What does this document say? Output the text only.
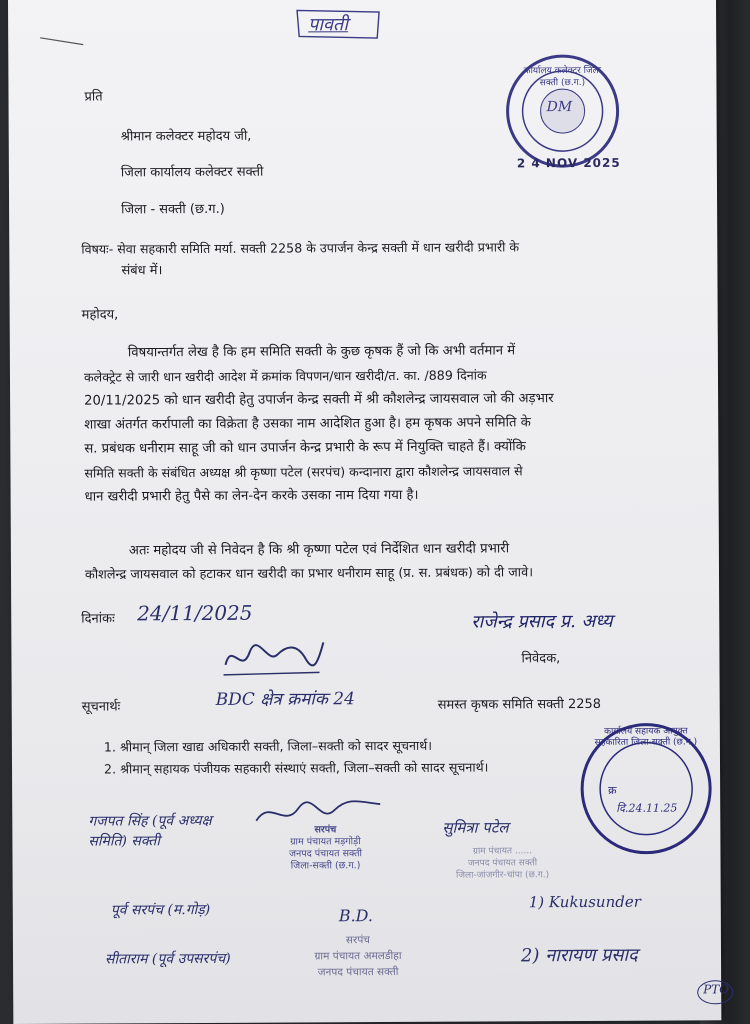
पावती
प्रति
श्रीमान कलेक्टर महोदय जी,
जिला कार्यालय कलेक्टर सक्ती
जिला - सक्ती (छ.ग.)
कार्यालय कलेक्टर जिला सक्ती (छ.ग.)
DM
2 4 NOV 2025
विषयः- सेवा सहकारी समिति मर्या. सक्ती 2258 के उपार्जन केन्द्र सक्ती में धान खरीदी प्रभारी के
संबंध में।
महोदय,
विषयान्तर्गत लेख है कि हम समिति सक्ती के कुछ कृषक हैं जो कि अभी वर्तमान में
कलेक्ट्रेट से जारी धान खरीदी आदेश में क्रमांक विपणन/धान खरीदी/त. का. /889 दिनांक
20/11/2025 को धान खरीदी हेतु उपार्जन केन्द्र सक्ती में श्री कौशलेन्द्र जायसवाल जो की अड़भार
शाखा अंतर्गत कर्रापाली का विक्रेता है उसका नाम आदेशित हुआ है। हम कृषक अपने समिति के
स. प्रबंधक धनीराम साहू जी को धान उपार्जन केन्द्र प्रभारी के रूप में नियुक्ति चाहते हैं। क्योंकि
समिति सक्ती के संबंधित अध्यक्ष श्री कृष्णा पटेल (सरपंच) कन्दानारा द्वारा कौशलेन्द्र जायसवाल से
धान खरीदी प्रभारी हेतु पैसे का लेन-देन करके उसका नाम दिया गया है।
अतः महोदय जी से निवेदन है कि श्री कृष्णा पटेल एवं निर्देशित धान खरीदी प्रभारी
कौशलेन्द्र जायसवाल को हटाकर धान खरीदी का प्रभार धनीराम साहू (प्र. स. प्रबंधक) को दी जावे।
दिनांकः 24/11/2025	राजेन्द्र प्रसाद प्र. अध्य
निवेदक,
सूचनार्थः	BDC क्षेत्र क्रमांक 24	समस्त कृषक समिति सक्ती 2258
1. श्रीमान् जिला खाद्य अधिकारी सक्ती, जिला–सक्ती को सादर सूचनार्थ।
2. श्रीमान् सहायक पंजीयक सहकारी संस्थाएं सक्ती, जिला–सक्ती को सादर सूचनार्थ।
कार्यालय सहायक आयुक्त सहकारिता जिला-सक्ती (छ.ग.)
क्र
दि.24.11.25
गजपत सिंह (पूर्व अध्यक्ष समिति) सक्ती
सरपंच
ग्राम पंचायत मड़गोड़ी
जनपद पंचायत सक्ती
जिला-सक्ती (छ.ग.)
सुमित्रा पटेल
ग्राम पंचायत ......
जनपद पंचायत सक्ती
जिला-जांजगीर-चांपा (छ.ग.)
पूर्व सरपंच (म.गोड़)	B.D.
सरपंच
ग्राम पंचायत अमलडीहा
जनपद पंचायत सक्ती
1) Kukusunder
सीताराम (पूर्व उपसरपंच)	2) नारायण प्रसाद
PTO
